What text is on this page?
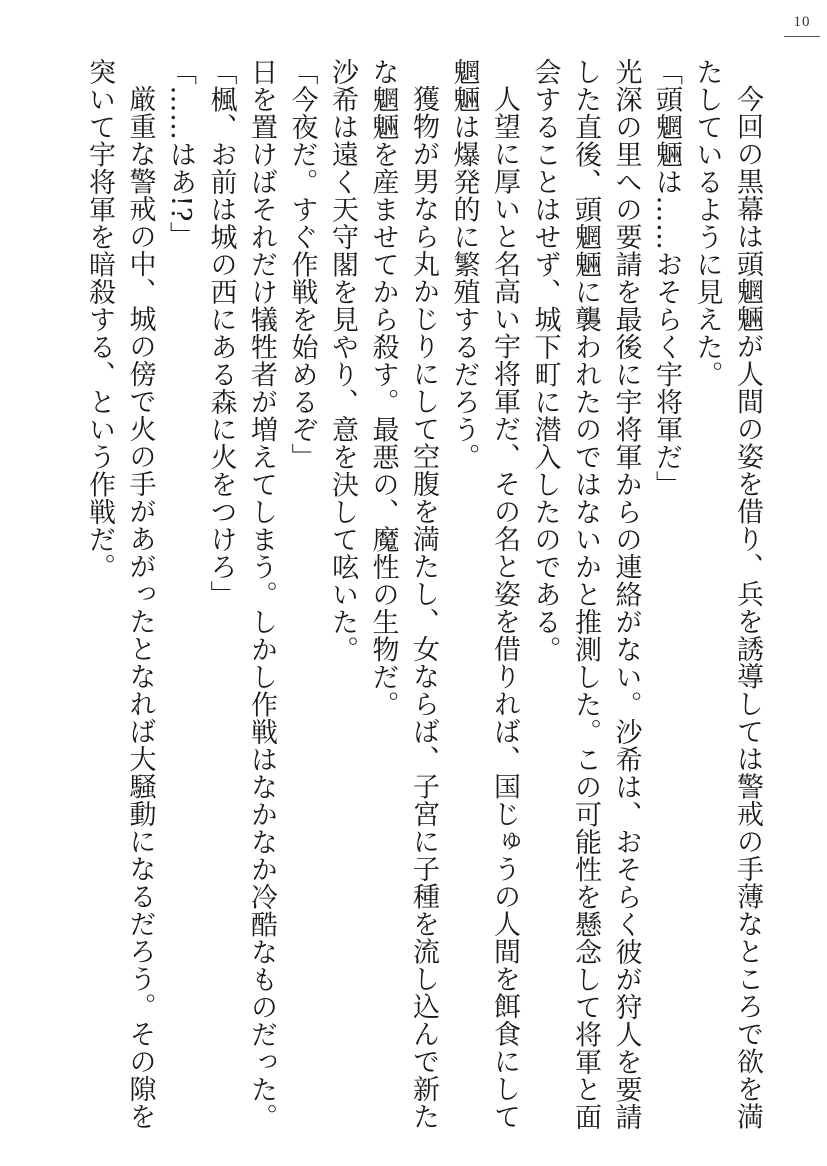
10

今回の黒幕は頭魍魎が人間の姿を借り、兵を誘導しては警戒の手薄なところで欲を満たしているように見えた。

「頭魍魎は……おそらく宇将軍だ」

光深の里への要請を最後に宇将軍からの連絡がない。沙希は、おそらく彼が狩人を要請した直後、頭魍魎に襲われたのではないかと推測した。この可能性を懸念して将軍と面会することはせず、城下町に潜入したのである。

人望に厚いと名高い宇将軍だ、その名と姿を借りれば、国じゅうの人間を餌食にして魍魎は爆発的に繁殖するだろう。

獲物が男なら丸かじりにして空腹を満たし、女ならば、子宮に子種を流し込んで新たな魍魎を産ませてから殺す。最悪の、魔性の生物だ。

沙希は遠く天守閣を見やり、意を決して呟いた。

「今夜だ。すぐ作戦を始めるぞ」

日を置けばそれだけ犠牲者が増えてしまう。しかし作戦はなかなか冷酷なものだった。

「楓、お前は城の西にある森に火をつけろ」

「……はあ!?」

厳重な警戒の中、城の傍で火の手があがったとなれば大騒動になるだろう。その隙を突いて宇将軍を暗殺する、という作戦だ。
